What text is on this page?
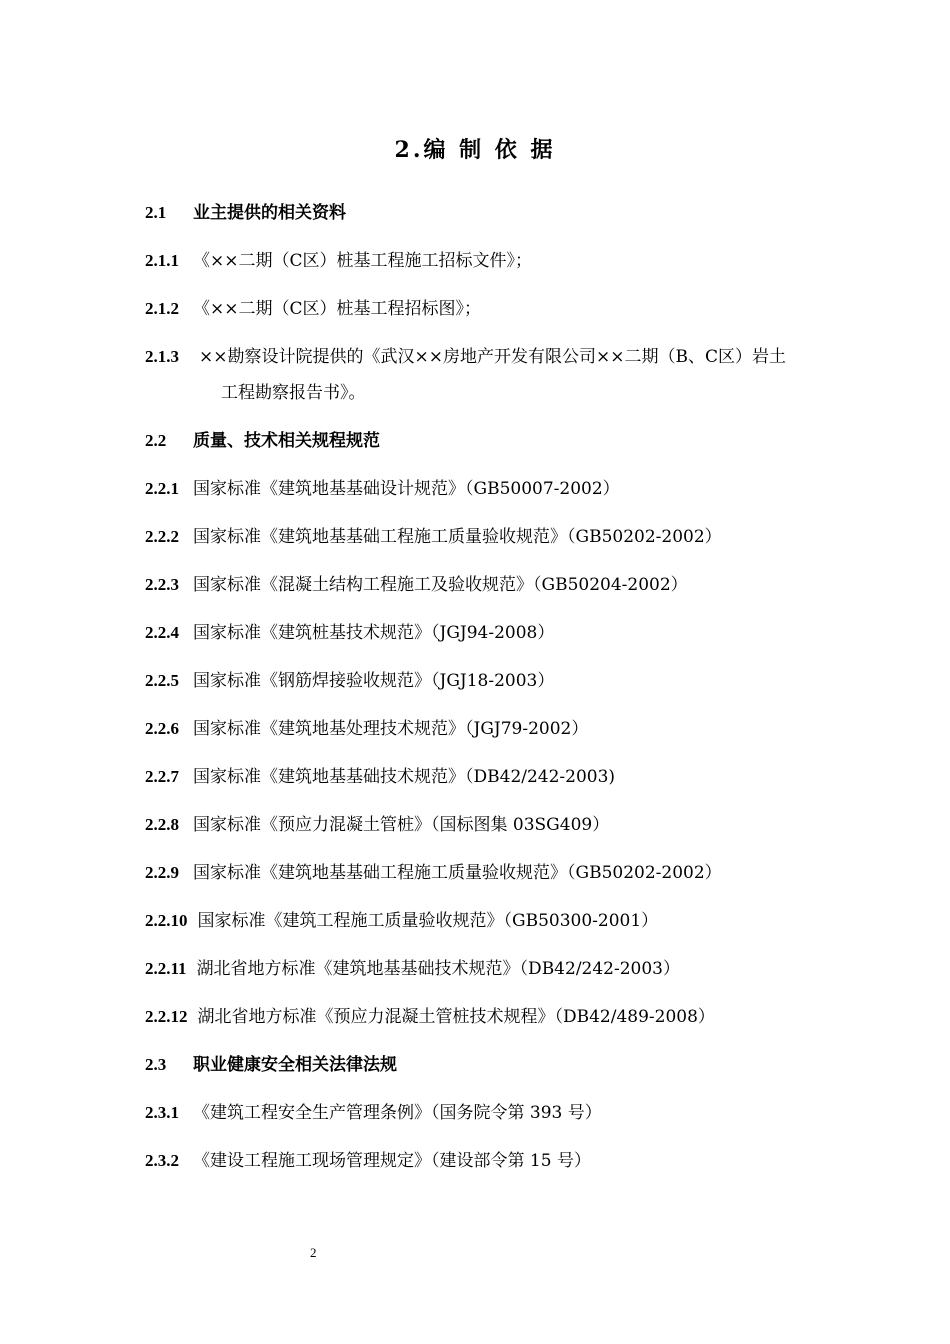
2.编 制 依 据
2.1 业主提供的相关资料
2.1.1 《××二期（C区）桩基工程施工招标文件》；
2.1.2 《××二期（C区）桩基工程招标图》；
2.1.3 ××勘察设计院提供的《武汉××房地产开发有限公司××二期（B、C区）岩土
工程勘察报告书》。
2.2 质量、技术相关规程规范
2.2.1 国家标准《建筑地基基础设计规范》（GB50007-2002）
2.2.2 国家标准《建筑地基基础工程施工质量验收规范》（GB50202-2002）
2.2.3 国家标准《混凝土结构工程施工及验收规范》（GB50204-2002）
2.2.4 国家标准《建筑桩基技术规范》（JGJ94-2008）
2.2.5 国家标准《钢筋焊接验收规范》（JGJ18-2003）
2.2.6 国家标准《建筑地基处理技术规范》（JGJ79-2002）
2.2.7 国家标准《建筑地基基础技术规范》（DB42/242-2003)
2.2.8 国家标准《预应力混凝土管桩》（国标图集 03SG409）
2.2.9 国家标准《建筑地基基础工程施工质量验收规范》（GB50202-2002）
2.2.10 国家标准《建筑工程施工质量验收规范》（GB50300-2001）
2.2.11 湖北省地方标准《建筑地基基础技术规范》（DB42/242-2003）
2.2.12 湖北省地方标准《预应力混凝土管桩技术规程》（DB42/489-2008）
2.3 职业健康安全相关法律法规
2.3.1 《建筑工程安全生产管理条例》（国务院令第 393 号）
2.3.2 《建设工程施工现场管理规定》（建设部令第 15 号）
2
